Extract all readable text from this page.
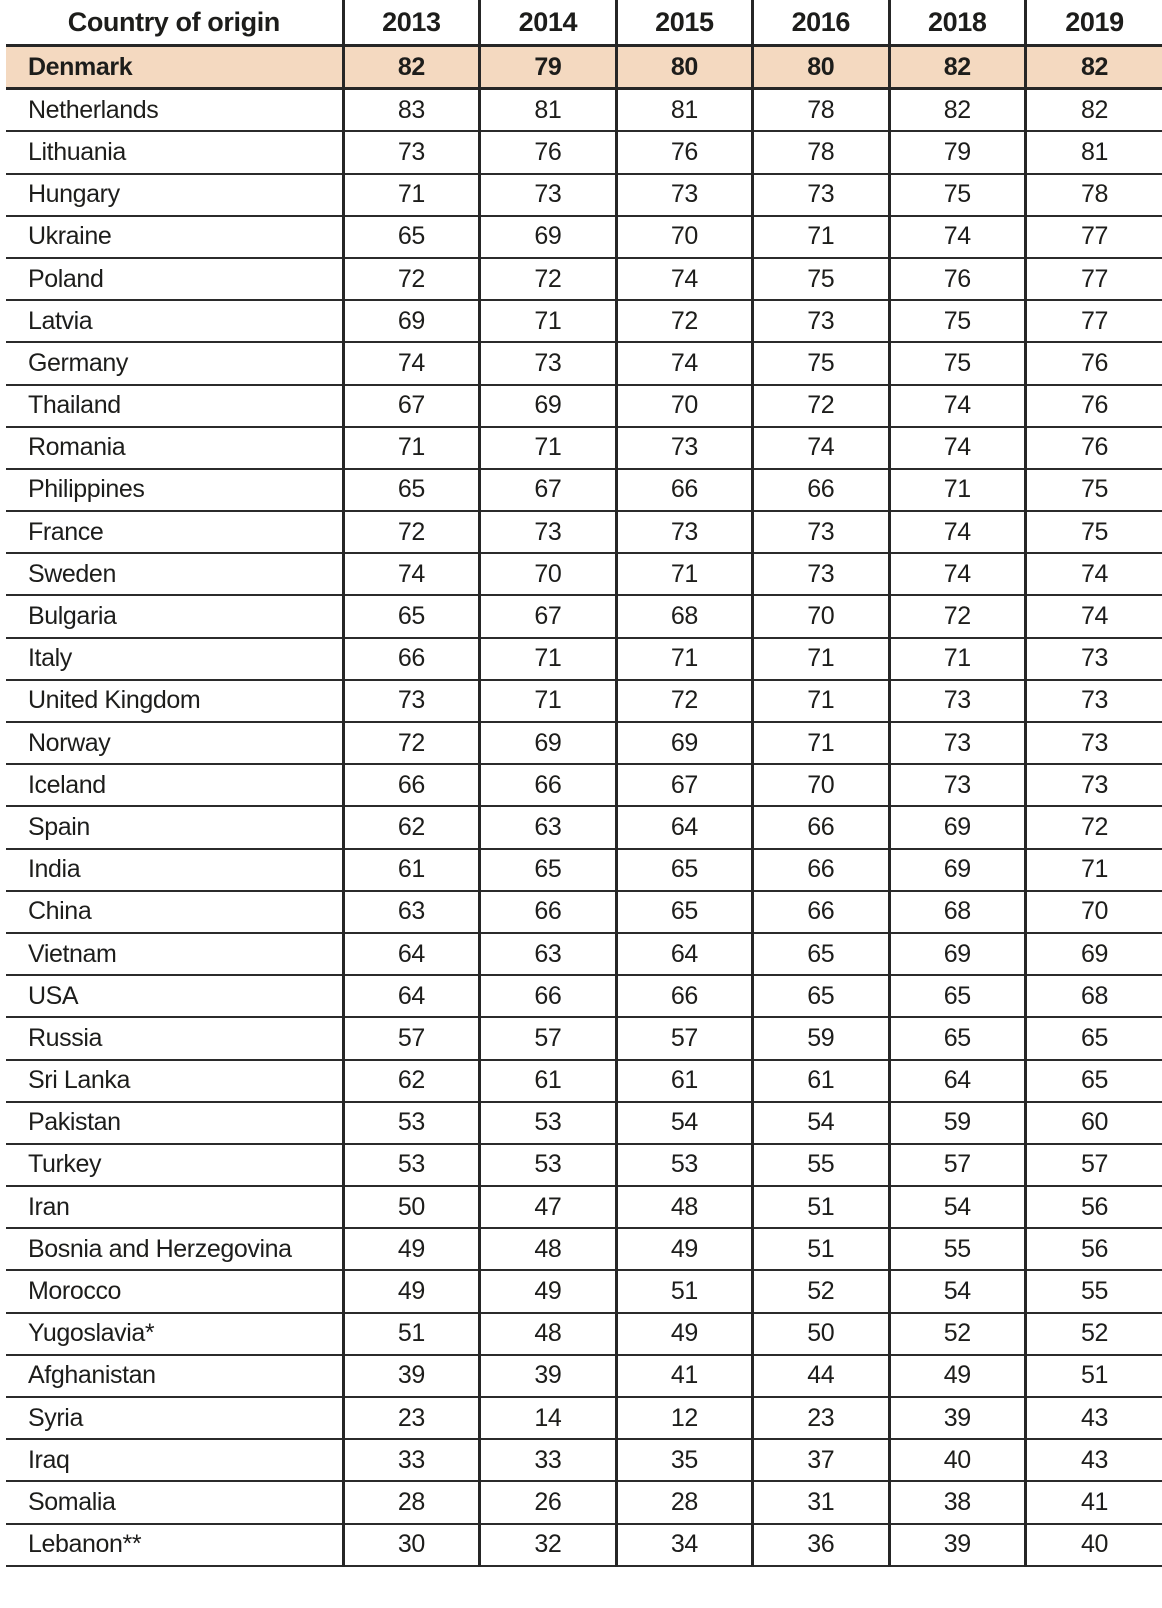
Country of origin	2013	2014	2015	2016	2018	2019
Denmark	82	79	80	80	82	82
Netherlands	83	81	81	78	82	82
Lithuania	73	76	76	78	79	81
Hungary	71	73	73	73	75	78
Ukraine	65	69	70	71	74	77
Poland	72	72	74	75	76	77
Latvia	69	71	72	73	75	77
Germany	74	73	74	75	75	76
Thailand	67	69	70	72	74	76
Romania	71	71	73	74	74	76
Philippines	65	67	66	66	71	75
France	72	73	73	73	74	75
Sweden	74	70	71	73	74	74
Bulgaria	65	67	68	70	72	74
Italy	66	71	71	71	71	73
United Kingdom	73	71	72	71	73	73
Norway	72	69	69	71	73	73
Iceland	66	66	67	70	73	73
Spain	62	63	64	66	69	72
India	61	65	65	66	69	71
China	63	66	65	66	68	70
Vietnam	64	63	64	65	69	69
USA	64	66	66	65	65	68
Russia	57	57	57	59	65	65
Sri Lanka	62	61	61	61	64	65
Pakistan	53	53	54	54	59	60
Turkey	53	53	53	55	57	57
Iran	50	47	48	51	54	56
Bosnia and Herzegovina	49	48	49	51	55	56
Morocco	49	49	51	52	54	55
Yugoslavia*	51	48	49	50	52	52
Afghanistan	39	39	41	44	49	51
Syria	23	14	12	23	39	43
Iraq	33	33	35	37	40	43
Somalia	28	26	28	31	38	41
Lebanon**	30	32	34	36	39	40
